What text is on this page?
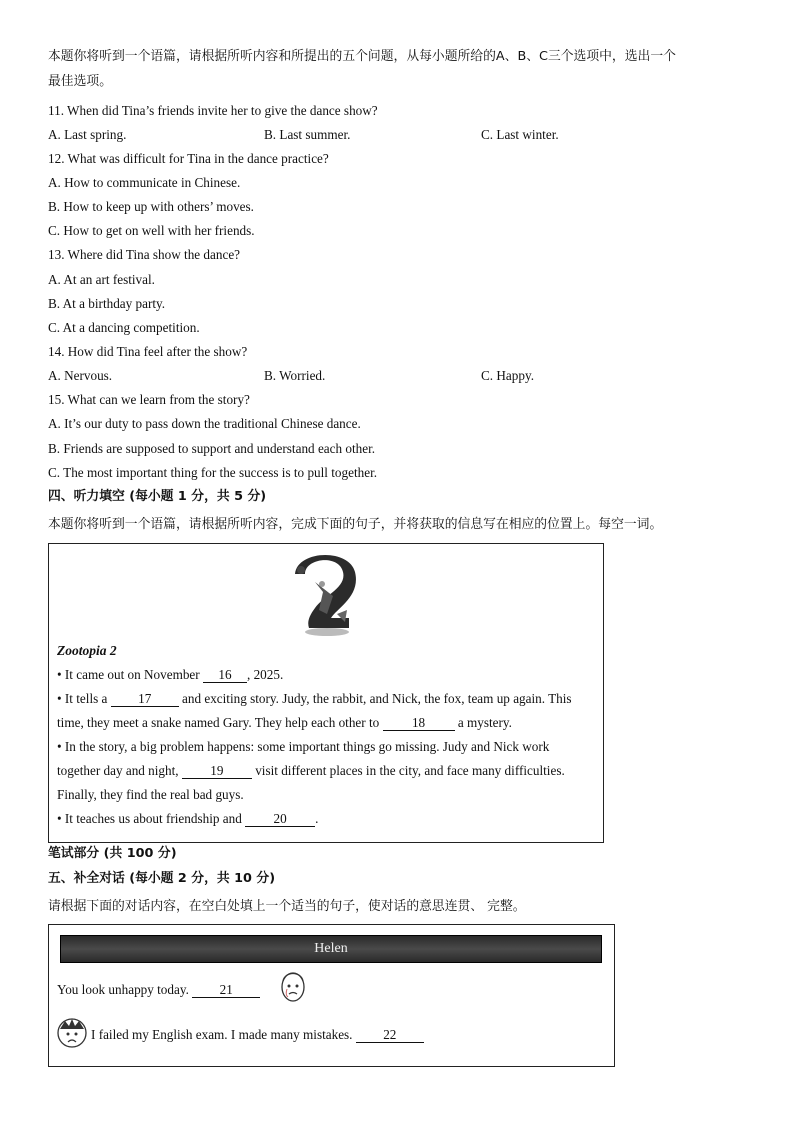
本题你将听到一个语篇，请根据所听内容和所提出的五个问题，从每小题所给的A、B、C三个选项中，选出一个
最佳选项。
11. When did Tina’s friends invite her to give the dance show?
A. Last spring.	B. Last summer.	C. Last winter.
12. What was difficult for Tina in the dance practice?
A. How to communicate in Chinese.
B. How to keep up with others’ moves.
C. How to get on well with her friends.
13. Where did Tina show the dance?
A. At an art festival.
B. At a birthday party.
C. At a dancing competition.
14. How did Tina feel after the show?
A. Nervous.	B. Worried.	C. Happy.
15. What can we learn from the story?
A. It’s our duty to pass down the traditional Chinese dance.
B. Friends are supposed to support and understand each other.
C. The most important thing for the success is to pull together.
四、听力填空 (每小题 1 分，共 5 分)
本题你将听到一个语篇，请根据所听内容，完成下面的句子，并将获取的信息写在相应的位置上。每空一词。
Zootopia 2
• It came out on November 16 , 2025.
• It tells a 17 and exciting story. Judy, the rabbit, and Nick, the fox, team up again. This
time, they meet a snake named Gary. They help each other to 18 a mystery.
• In the story, a big problem happens: some important things go missing. Judy and Nick work
together day and night, 19 visit different places in the city, and face many difficulties.
Finally, they find the real bad guys.
• It teaches us about friendship and 20 .
笔试部分 (共 100 分)
五、补全对话 (每小题 2 分，共 10 分)
请根据下面的对话内容，在空白处填上一个适当的句子，使对话的意思连贯、 完整。
Helen
You look unhappy today. 21
I failed my English exam. I made many mistakes. 22
